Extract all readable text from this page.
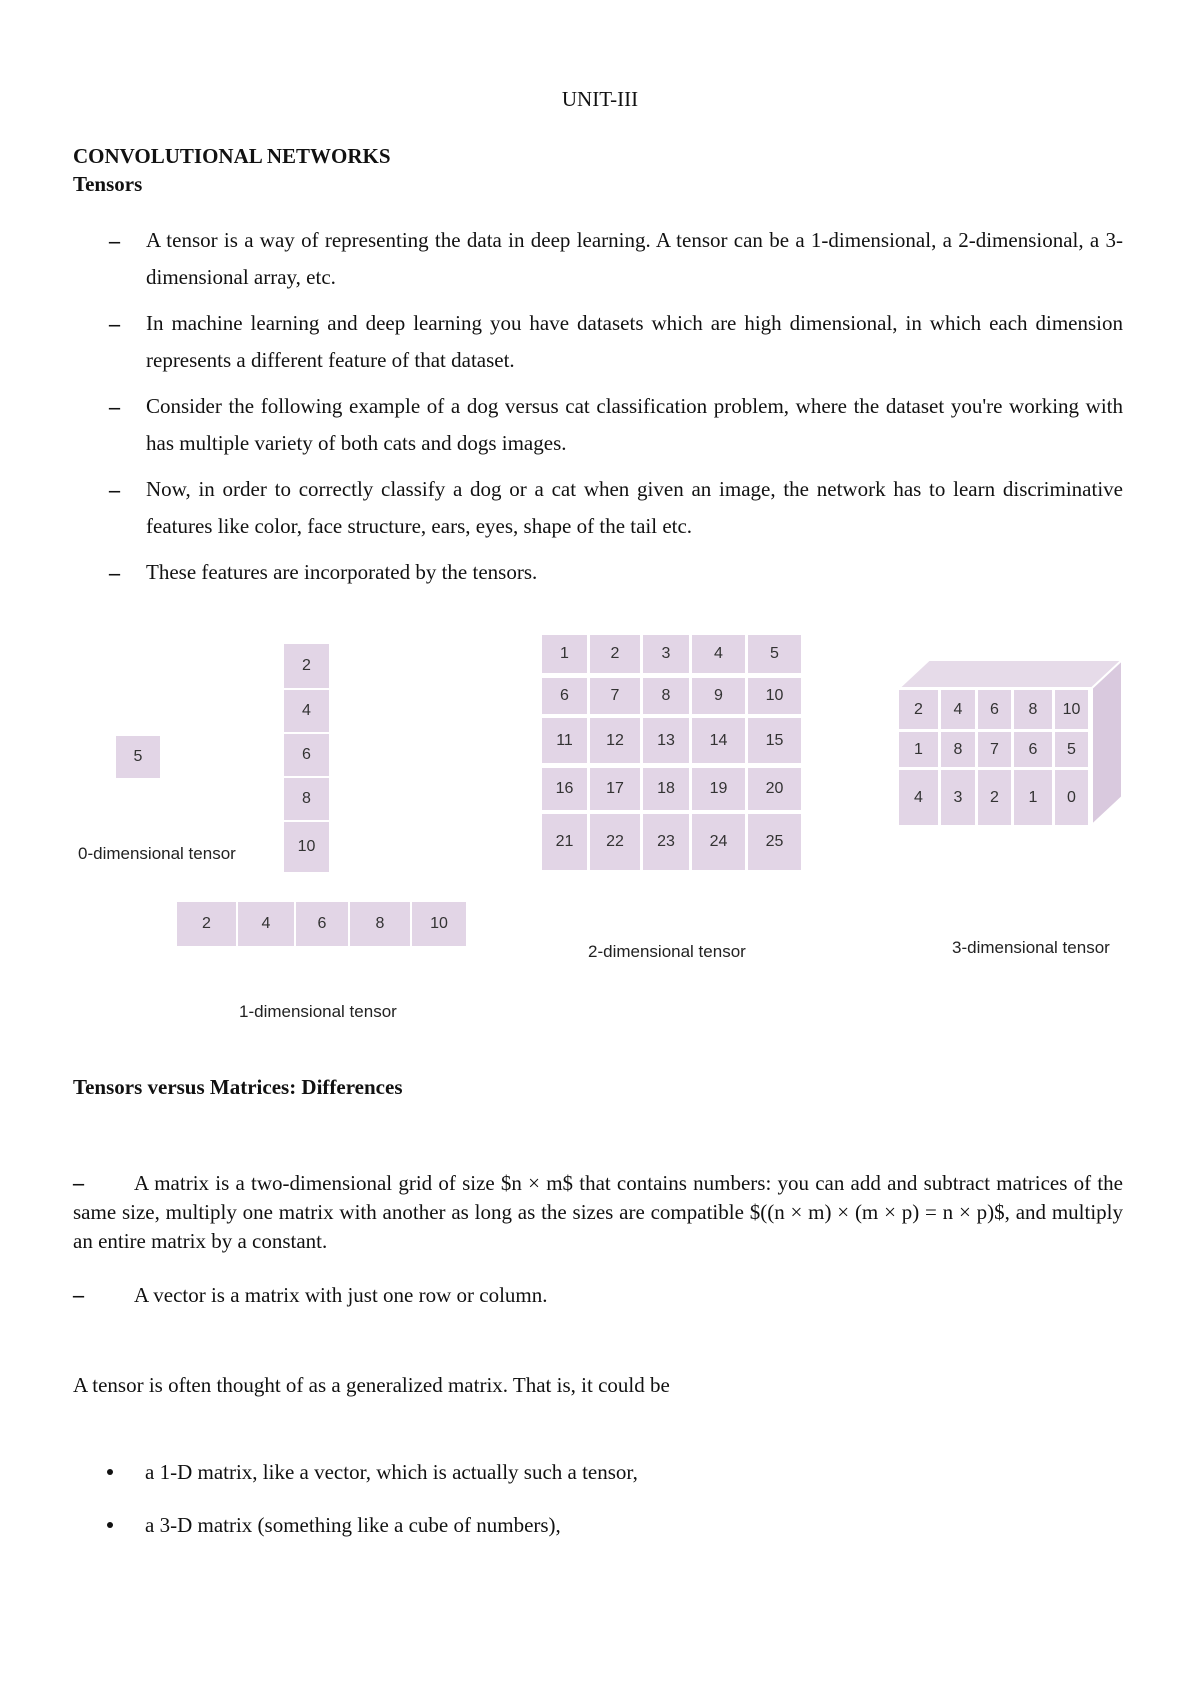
UNIT-III
CONVOLUTIONAL NETWORKS
Tensors
– A tensor is a way of representing the data in deep learning. A tensor can be a 1-dimensional, a 2-dimensional, a 3-dimensional array, etc.
– In machine learning and deep learning you have datasets which are high dimensional, in which each dimension represents a different feature of that dataset.
– Consider the following example of a dog versus cat classification problem, where the dataset you're working with has multiple variety of both cats and dogs images.
– Now, in order to correctly classify a dog or a cat when given an image, the network has to learn discriminative features like color, face structure, ears, eyes, shape of the tail etc.
– These features are incorporated by the tensors.
0-dimensional tensor
1-dimensional tensor
2-dimensional tensor	3-dimensional tensor
5
2
4
6
8
10
2	4	6	8	10
1	2	3	4	5
6	7	8	9	10
11	12	13	14	15
16	17	18	19	20
21	22	23	24	25
2	4	6	8	10
1	8	7	6	5
4	3	2	1	0
Tensors versus Matrices: Differences
– A matrix is a two-dimensional grid of size $n × m$ that contains numbers: you can add and subtract matrices of the same size, multiply one matrix with another as long as the sizes are compatible $((n × m) × (m × p) = n × p)$, and multiply an entire matrix by a constant.
– A vector is a matrix with just one row or column.
A tensor is often thought of as a generalized matrix. That is, it could be
a 1-D matrix, like a vector, which is actually such a tensor,
a 3-D matrix (something like a cube of numbers),
